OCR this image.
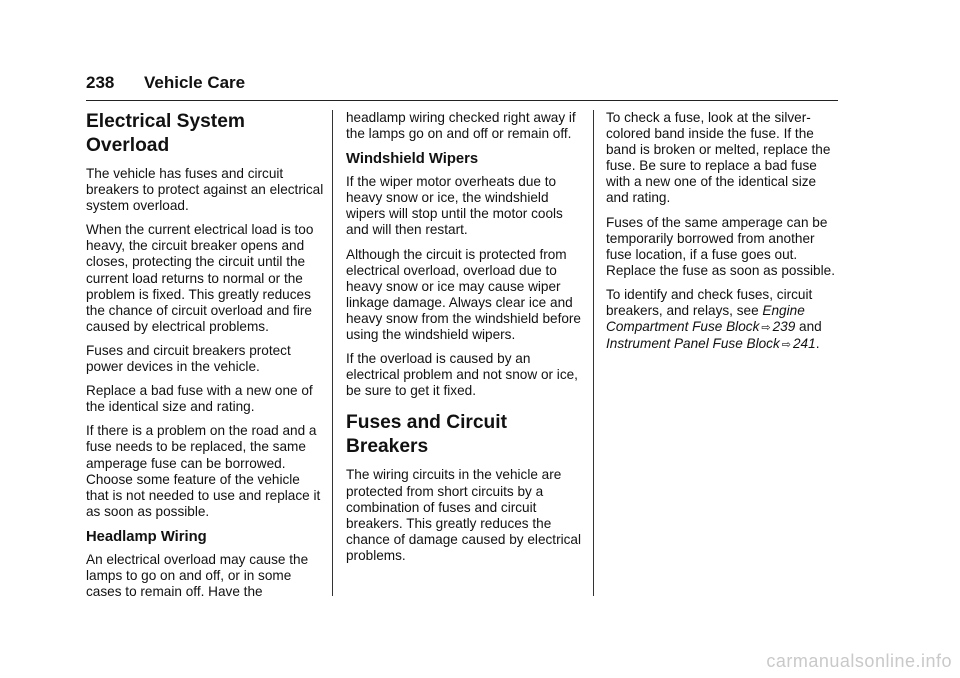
238 Vehicle Care
Electrical System
Overload

The vehicle has fuses and circuit breakers to protect against an electrical system overload.

When the current electrical load is too heavy, the circuit breaker opens and closes, protecting the circuit until the current load returns to normal or the problem is fixed. This greatly reduces the chance of circuit overload and fire caused by electrical problems.

Fuses and circuit breakers protect power devices in the vehicle.

Replace a bad fuse with a new one of the identical size and rating.

If there is a problem on the road and a fuse needs to be replaced, the same amperage fuse can be borrowed. Choose some feature of the vehicle that is not needed to use and replace it as soon as possible.

Headlamp Wiring

An electrical overload may cause the lamps to go on and off, or in some cases to remain off. Have the

headlamp wiring checked right away if the lamps go on and off or remain off.

Windshield Wipers

If the wiper motor overheats due to heavy snow or ice, the windshield wipers will stop until the motor cools and will then restart.

Although the circuit is protected from electrical overload, overload due to heavy snow or ice may cause wiper linkage damage. Always clear ice and heavy snow from the windshield before using the windshield wipers.

If the overload is caused by an electrical problem and not snow or ice, be sure to get it fixed.

Fuses and Circuit
Breakers

The wiring circuits in the vehicle are protected from short circuits by a combination of fuses and circuit breakers. This greatly reduces the chance of damage caused by electrical problems.

To check a fuse, look at the silver-colored band inside the fuse. If the band is broken or melted, replace the fuse. Be sure to replace a bad fuse with a new one of the identical size and rating.

Fuses of the same amperage can be temporarily borrowed from another fuse location, if a fuse goes out. Replace the fuse as soon as possible.

To identify and check fuses, circuit breakers, and relays, see Engine Compartment Fuse Block ⇨ 239 and Instrument Panel Fuse Block ⇨ 241.

carmanualsonline.info
